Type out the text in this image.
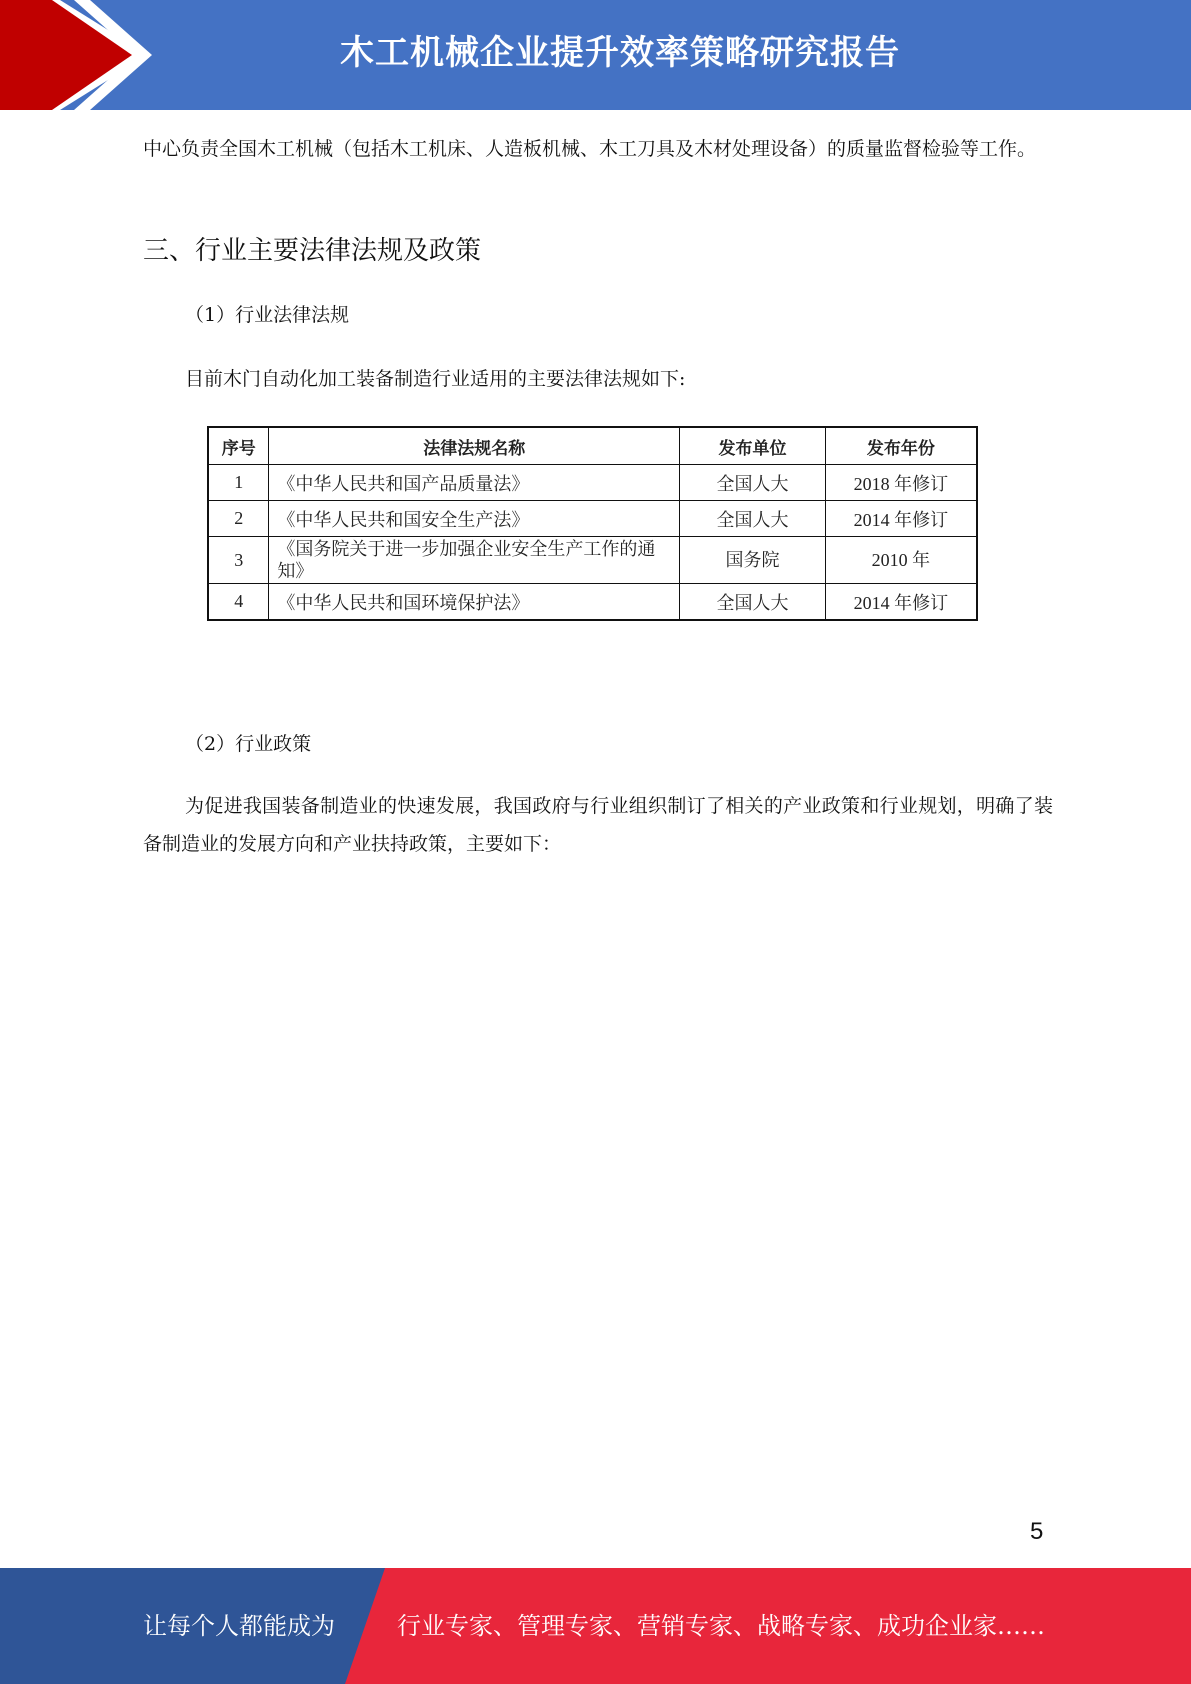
木工机械企业提升效率策略研究报告

中心负责全国木工机械（包括木工机床、人造板机械、木工刀具及木材处理设备）的质量监督检验等工作。

三、行业主要法律法规及政策
（1）行业法律法规

目前木门自动化加工装备制造行业适用的主要法律法规如下:

序号	法律法规名称	发布单位	发布年份
1	《中华人民共和国产品质量法》	全国人大	2018 年修订
2	《中华人民共和国安全生产法》	全国人大	2014 年修订
3	《国务院关于进一步加强企业安全生产工作的通知》	国务院	2010 年
4	《中华人民共和国环境保护法》	全国人大	2014 年修订
（2）行业政策

为促进我国装备制造业的快速发展，我国政府与行业组织制订了相关的产业政策和行业规划，明确了装备制造业的发展方向和产业扶持政策，主要如下：

5
让每个人都能成为	行业专家、管理专家、营销专家、战略专家、成功企业家……
